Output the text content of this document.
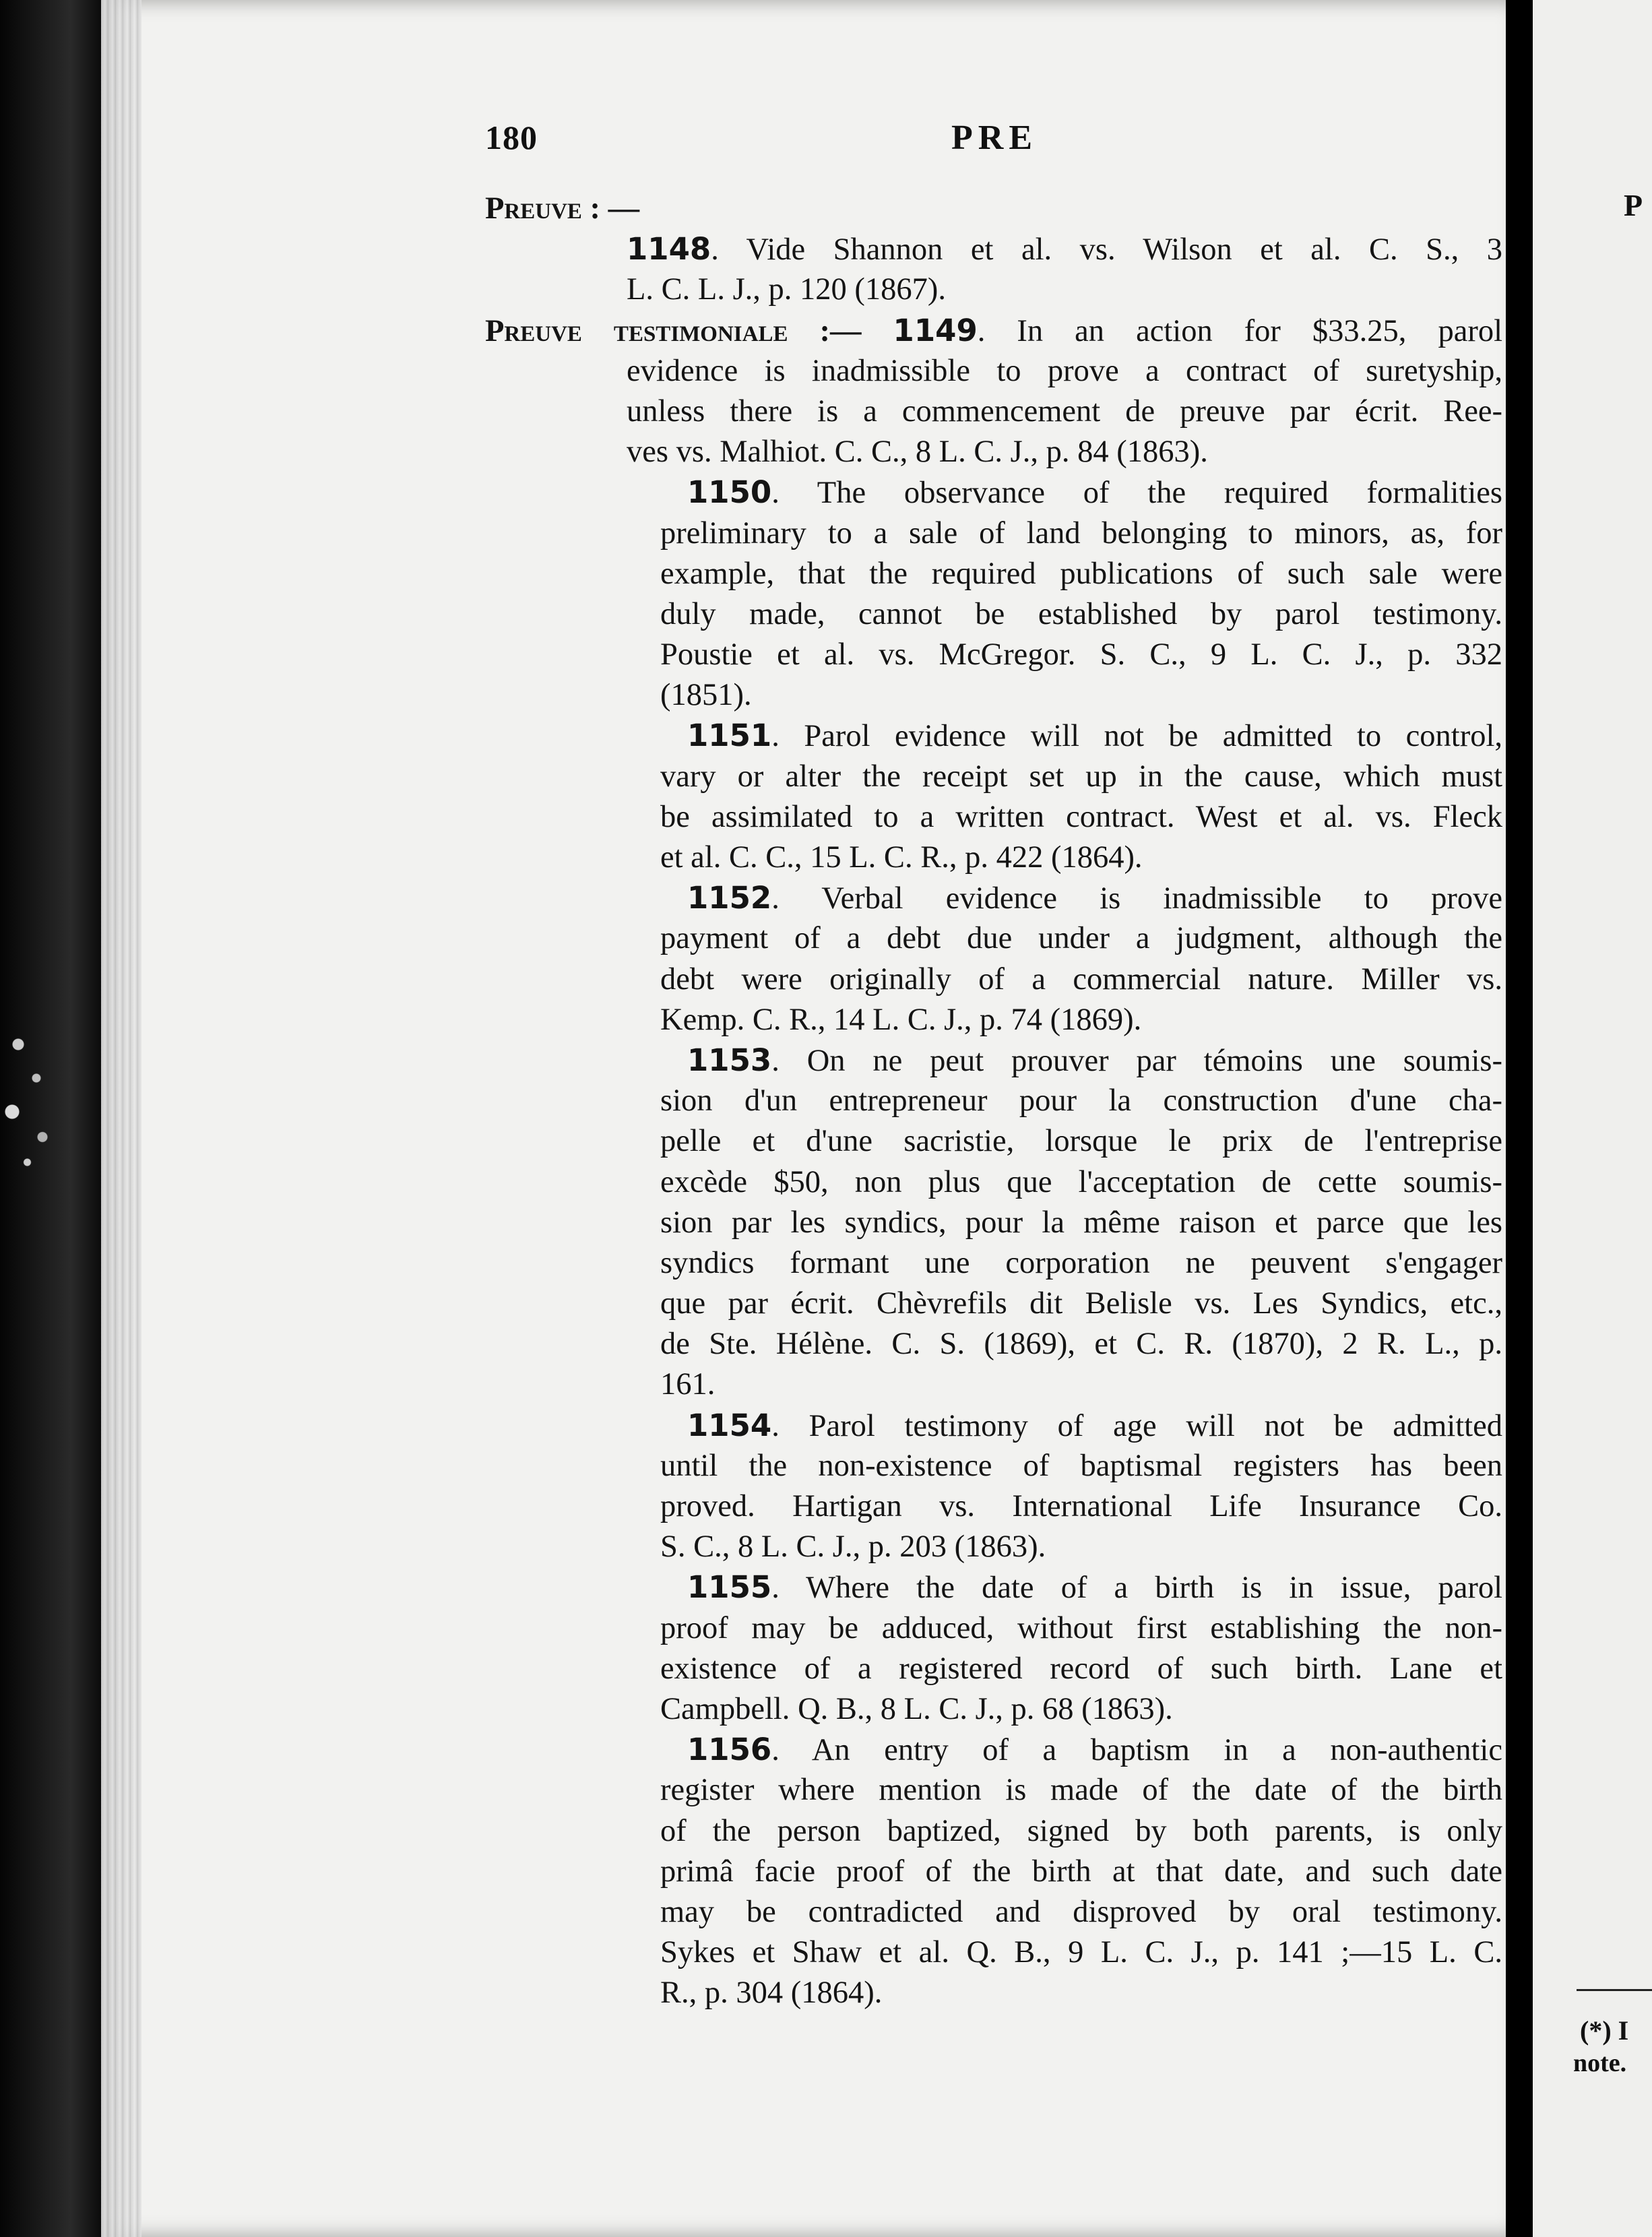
180	PRE
Preuve : —
1148. Vide Shannon et al. vs. Wilson et al. C. S., 3
L. C. L. J., p. 120 (1867).
Preuve testimoniale :— 1149. In an action for $33.25, parol
evidence is inadmissible to prove a contract of suretyship,
unless there is a commencement de preuve par écrit. Ree-
ves vs. Malhiot. C. C., 8 L. C. J., p. 84 (1863).
1150. The observance of the required formalities
preliminary to a sale of land belonging to minors, as, for
example, that the required publications of such sale were
duly made, cannot be established by parol testimony.
Poustie et al. vs. McGregor. S. C., 9 L. C. J., p. 332
(1851).
1151. Parol evidence will not be admitted to control,
vary or alter the receipt set up in the cause, which must
be assimilated to a written contract. West et al. vs. Fleck
et al. C. C., 15 L. C. R., p. 422 (1864).
1152. Verbal evidence is inadmissible to prove
payment of a debt due under a judgment, although the
debt were originally of a commercial nature. Miller vs.
Kemp. C. R., 14 L. C. J., p. 74 (1869).
1153. On ne peut prouver par témoins une soumis-
sion d'un entrepreneur pour la construction d'une cha-
pelle et d'une sacristie, lorsque le prix de l'entreprise
excède $50, non plus que l'acceptation de cette soumis-
sion par les syndics, pour la même raison et parce que les
syndics formant une corporation ne peuvent s'engager
que par écrit. Chèvrefils dit Belisle vs. Les Syndics, etc.,
de Ste. Hélène. C. S. (1869), et C. R. (1870), 2 R. L., p.
161.
1154. Parol testimony of age will not be admitted
until the non-existence of baptismal registers has been
proved. Hartigan vs. International Life Insurance Co.
S. C., 8 L. C. J., p. 203 (1863).
1155. Where the date of a birth is in issue, parol
proof may be adduced, without first establishing the non-
existence of a registered record of such birth. Lane et
Campbell. Q. B., 8 L. C. J., p. 68 (1863).
1156. An entry of a baptism in a non-authentic
register where mention is made of the date of the birth
of the person baptized, signed by both parents, is only
primâ facie proof of the birth at that date, and such date
may be contradicted and disproved by oral testimony.
Sykes et Shaw et al. Q. B., 9 L. C. J., p. 141 ;—15 L. C.
R., p. 304 (1864).
P
(*) I
note.
